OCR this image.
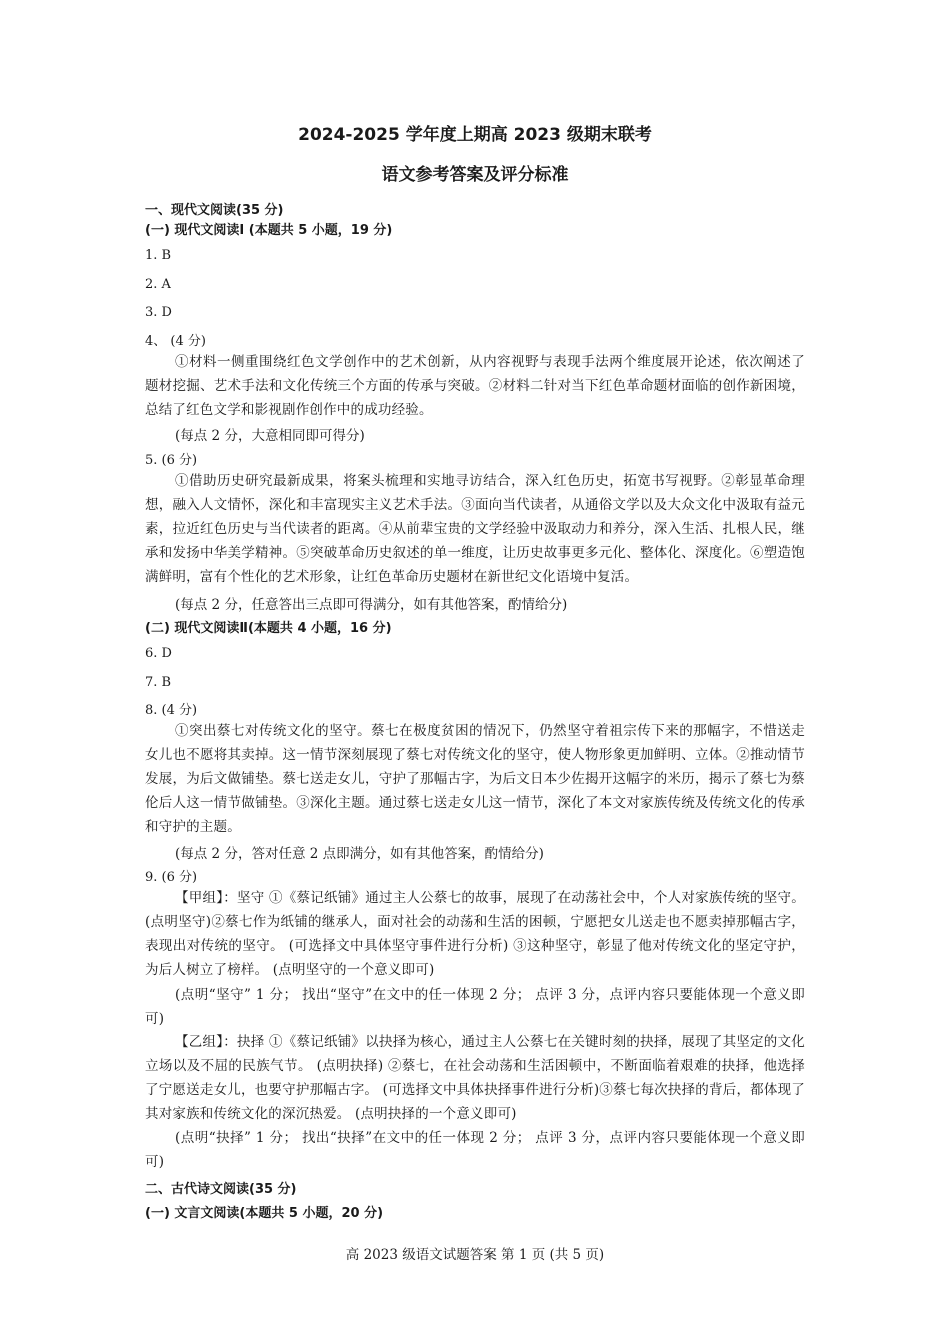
2024-2025 学年度上期高 2023 级期末联考
语文参考答案及评分标准
一、现代文阅读(35 分)
(一) 现代文阅读Ⅰ (本题共 5 小题，19 分)
1. B
2. A
3. D
4、 (4 分)
①材料一侧重围绕红色文学创作中的艺术创新，从内容视野与表现手法两个维度展开论述，依次阐述了题材挖掘、艺术手法和文化传统三个方面的传承与突破。②材料二针对当下红色革命题材面临的创作新困境，总结了红色文学和影视剧作创作中的成功经验。
(每点 2 分，大意相同即可得分)
5. (6 分)
①借助历史研究最新成果，将案头梳理和实地寻访结合，深入红色历史，拓宽书写视野。②彰显革命理想，融入人文情怀，深化和丰富现实主义艺术手法。③面向当代读者，从通俗文学以及大众文化中汲取有益元素，拉近红色历史与当代读者的距离。④从前辈宝贵的文学经验中汲取动力和养分，深入生活、扎根人民，继承和发扬中华美学精神。⑤突破革命历史叙述的单一维度，让历史故事更多元化、整体化、深度化。⑥塑造饱满鲜明，富有个性化的艺术形象，让红色革命历史题材在新世纪文化语境中复活。
(每点 2 分，任意答出三点即可得满分，如有其他答案，酌情给分)
(二) 现代文阅读Ⅱ(本题共 4 小题，16 分)
6. D
7. B
8. (4 分)
①突出蔡七对传统文化的坚守。蔡七在极度贫困的情况下，仍然坚守着祖宗传下来的那幅字，不惜送走女儿也不愿将其卖掉。这一情节深刻展现了蔡七对传统文化的坚守，使人物形象更加鲜明、立体。②推动情节发展，为后文做铺垫。蔡七送走女儿，守护了那幅古字，为后文日本少佐揭开这幅字的米历，揭示了蔡七为蔡伦后人这一情节做铺垫。③深化主题。通过蔡七送走女儿这一情节，深化了本文对家族传统及传统文化的传承和守护的主题。
(每点 2 分，答对任意 2 点即满分，如有其他答案，酌情给分)
9. (6 分)
【甲组】：坚守 ①《蔡记纸铺》通过主人公蔡七的故事，展现了在动荡社会中，个人对家族传统的坚守。 (点明坚守)②蔡七作为纸铺的继承人，面对社会的动荡和生活的困顿，宁愿把女儿送走也不愿卖掉那幅古字，表现出对传统的坚守。 (可选择文中具体坚守事件进行分析) ③这种坚守，彰显了他对传统文化的坚定守护，为后人树立了榜样。 (点明坚守的一个意义即可)
(点明“坚守” 1 分； 找出“坚守”在文中的任一体现 2 分； 点评 3 分，点评内容只要能体现一个意义即可)
【乙组】：抉择 ①《蔡记纸铺》以抉择为核心，通过主人公蔡七在关键时刻的抉择，展现了其坚定的文化立场以及不屈的民族气节。 (点明抉择) ②蔡七，在社会动荡和生活困顿中，不断面临着艰难的抉择，他选择了宁愿送走女儿，也要守护那幅古字。 (可选择文中具体抉择事件进行分析)③蔡七每次抉择的背后，都体现了其对家族和传统文化的深沉热爱。 (点明抉择的一个意义即可)
(点明“抉择” 1 分； 找出“抉择”在文中的任一体现 2 分； 点评 3 分，点评内容只要能体现一个意义即可)
二、古代诗文阅读(35 分)
(一) 文言文阅读(本题共 5 小题，20 分)
高 2023 级语文试题答案 第 1 页 (共 5 页)
